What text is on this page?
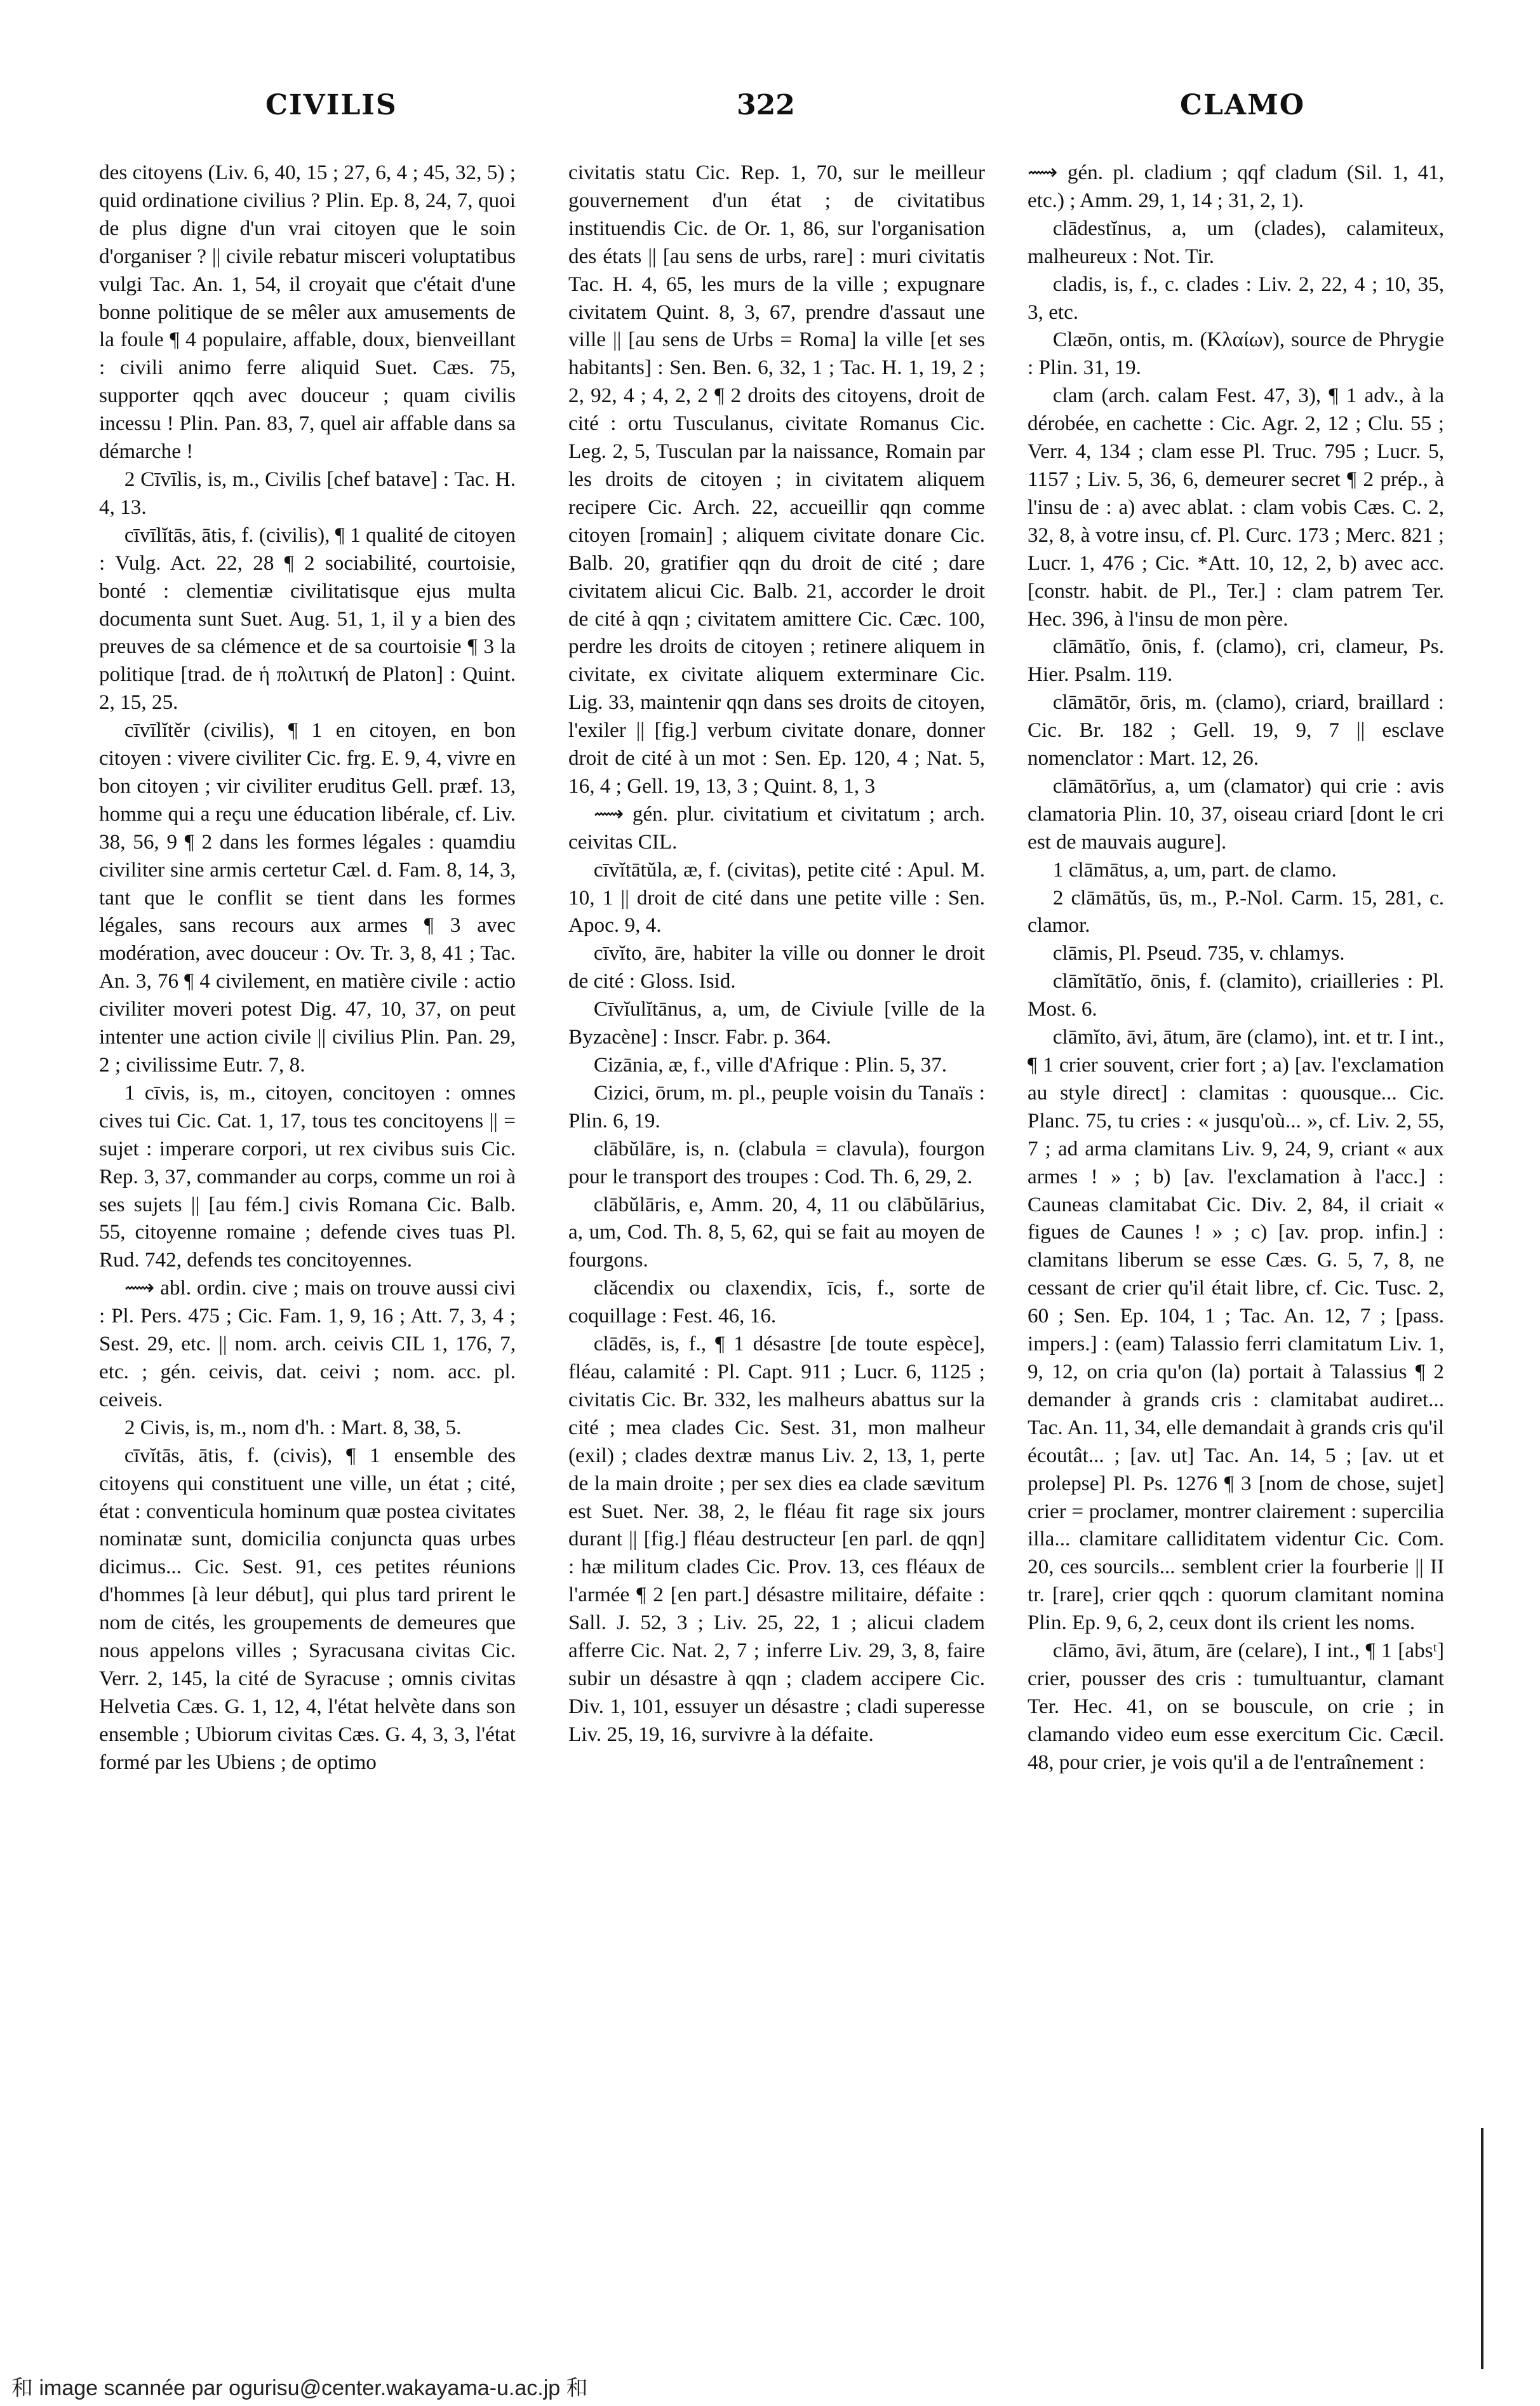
CIVILIS	322	CLAMO

des citoyens (Liv. 6, 40, 15 ; 27, 6, 4 ; 45, 32, 5) ; quid ordinatione civilius ? Plin. Ep. 8, 24, 7, quoi de plus digne d'un vrai citoyen que le soin d'organiser ? || civile rebatur misceri voluptatibus vulgi Tac. An. 1, 54, il croyait que c'était d'une bonne politique de se mêler aux amusements de la foule ¶ 4 populaire, affable, doux, bienveillant : civili animo ferre aliquid Suet. Cæs. 75, supporter qqch avec douceur ; quam civilis incessu ! Plin. Pan. 83, 7, quel air affable dans sa démarche !

2 Cīvīlis, is, m., Civilis [chef batave] : Tac. H. 4, 13.

cīvīlĭtās, ātis, f. (civilis), ¶ 1 qualité de citoyen : Vulg. Act. 22, 28 ¶ 2 sociabilité, courtoisie, bonté : clementiæ civilitatisque ejus multa documenta sunt Suet. Aug. 51, 1, il y a bien des preuves de sa clémence et de sa courtoisie ¶ 3 la politique [trad. de ἡ πολιτική de Platon] : Quint. 2, 15, 25.

cīvīlĭtĕr (civilis), ¶ 1 en citoyen, en bon citoyen : vivere civiliter Cic. frg. E. 9, 4, vivre en bon citoyen ; vir civiliter eruditus Gell. præf. 13, homme qui a reçu une éducation libérale, cf. Liv. 38, 56, 9 ¶ 2 dans les formes légales : quamdiu civiliter sine armis certetur Cæl. d. Fam. 8, 14, 3, tant que le conflit se tient dans les formes légales, sans recours aux armes ¶ 3 avec modération, avec douceur : Ov. Tr. 3, 8, 41 ; Tac. An. 3, 76 ¶ 4 civilement, en matière civile : actio civiliter moveri potest Dig. 47, 10, 37, on peut intenter une action civile || civilius Plin. Pan. 29, 2 ; civilissime Eutr. 7, 8.

1 cīvis, is, m., citoyen, concitoyen : omnes cives tui Cic. Cat. 1, 17, tous tes concitoyens || = sujet : imperare corpori, ut rex civibus suis Cic. Rep. 3, 37, commander au corps, comme un roi à ses sujets || [au fém.] civis Romana Cic. Balb. 55, citoyenne romaine ; defende cives tuas Pl. Rud. 742, defends tes concitoyennes.

⟿ abl. ordin. cive ; mais on trouve aussi civi : Pl. Pers. 475 ; Cic. Fam. 1, 9, 16 ; Att. 7, 3, 4 ; Sest. 29, etc. || nom. arch. ceivis CIL 1, 176, 7, etc. ; gén. ceivis, dat. ceivi ; nom. acc. pl. ceiveis.

2 Civis, is, m., nom d'h. : Mart. 8, 38, 5.

cīvĭtās, ātis, f. (civis), ¶ 1 ensemble des citoyens qui constituent une ville, un état ; cité, état : conventicula hominum quæ postea civitates nominatæ sunt, domicilia conjuncta quas urbes dicimus... Cic. Sest. 91, ces petites réunions d'hommes [à leur début], qui plus tard prirent le nom de cités, les groupements de demeures que nous appelons villes ; Syracusana civitas Cic. Verr. 2, 145, la cité de Syracuse ; omnis civitas Helvetia Cæs. G. 1, 12, 4, l'état helvète dans son ensemble ; Ubiorum civitas Cæs. G. 4, 3, 3, l'état formé par les Ubiens ; de optimo

civitatis statu Cic. Rep. 1, 70, sur le meilleur gouvernement d'un état ; de civitatibus instituendis Cic. de Or. 1, 86, sur l'organisation des états || [au sens de urbs, rare] : muri civitatis Tac. H. 4, 65, les murs de la ville ; expugnare civitatem Quint. 8, 3, 67, prendre d'assaut une ville || [au sens de Urbs = Roma] la ville [et ses habitants] : Sen. Ben. 6, 32, 1 ; Tac. H. 1, 19, 2 ; 2, 92, 4 ; 4, 2, 2 ¶ 2 droits des citoyens, droit de cité : ortu Tusculanus, civitate Romanus Cic. Leg. 2, 5, Tusculan par la naissance, Romain par les droits de citoyen ; in civitatem aliquem recipere Cic. Arch. 22, accueillir qqn comme citoyen [romain] ; aliquem civitate donare Cic. Balb. 20, gratifier qqn du droit de cité ; dare civitatem alicui Cic. Balb. 21, accorder le droit de cité à qqn ; civitatem amittere Cic. Cæc. 100, perdre les droits de citoyen ; retinere aliquem in civitate, ex civitate aliquem exterminare Cic. Lig. 33, maintenir qqn dans ses droits de citoyen, l'exiler || [fig.] verbum civitate donare, donner droit de cité à un mot : Sen. Ep. 120, 4 ; Nat. 5, 16, 4 ; Gell. 19, 13, 3 ; Quint. 8, 1, 3

⟿ gén. plur. civitatium et civitatum ; arch. ceivitas CIL.

cīvĭtātŭla, æ, f. (civitas), petite cité : Apul. M. 10, 1 || droit de cité dans une petite ville : Sen. Apoc. 9, 4.

cīvĭto, āre, habiter la ville ou donner le droit de cité : Gloss. Isid.

Cīvĭulĭtānus, a, um, de Civiule [ville de la Byzacène] : Inscr. Fabr. p. 364.

Cizānia, æ, f., ville d'Afrique : Plin. 5, 37.

Cizici, ōrum, m. pl., peuple voisin du Tanaïs : Plin. 6, 19.

clābŭlāre, is, n. (clabula = clavula), fourgon pour le transport des troupes : Cod. Th. 6, 29, 2.

clābŭlāris, e, Amm. 20, 4, 11 ou clābŭlārius, a, um, Cod. Th. 8, 5, 62, qui se fait au moyen de fourgons.

clăcendix ou claxendix, īcis, f., sorte de coquillage : Fest. 46, 16.

clādēs, is, f., ¶ 1 désastre [de toute espèce], fléau, calamité : Pl. Capt. 911 ; Lucr. 6, 1125 ; civitatis Cic. Br. 332, les malheurs abattus sur la cité ; mea clades Cic. Sest. 31, mon malheur (exil) ; clades dextræ manus Liv. 2, 13, 1, perte de la main droite ; per sex dies ea clade sævitum est Suet. Ner. 38, 2, le fléau fit rage six jours durant || [fig.] fléau destructeur [en parl. de qqn] : hæ militum clades Cic. Prov. 13, ces fléaux de l'armée ¶ 2 [en part.] désastre militaire, défaite : Sall. J. 52, 3 ; Liv. 25, 22, 1 ; alicui cladem afferre Cic. Nat. 2, 7 ; inferre Liv. 29, 3, 8, faire subir un désastre à qqn ; cladem accipere Cic. Div. 1, 101, essuyer un désastre ; cladi superesse Liv. 25, 19, 16, survivre à la défaite.

⟿ gén. pl. cladium ; qqf cladum (Sil. 1, 41, etc.) ; Amm. 29, 1, 14 ; 31, 2, 1).

clādestĭnus, a, um (clades), calamiteux, malheureux : Not. Tir.

cladis, is, f., c. clades : Liv. 2, 22, 4 ; 10, 35, 3, etc.

Clæōn, ontis, m. (Κλαίων), source de Phrygie : Plin. 31, 19.

clam (arch. calam Fest. 47, 3), ¶ 1 adv., à la dérobée, en cachette : Cic. Agr. 2, 12 ; Clu. 55 ; Verr. 4, 134 ; clam esse Pl. Truc. 795 ; Lucr. 5, 1157 ; Liv. 5, 36, 6, demeurer secret ¶ 2 prép., à l'insu de : a) avec ablat. : clam vobis Cæs. C. 2, 32, 8, à votre insu, cf. Pl. Curc. 173 ; Merc. 821 ; Lucr. 1, 476 ; Cic. *Att. 10, 12, 2, b) avec acc. [constr. habit. de Pl., Ter.] : clam patrem Ter. Hec. 396, à l'insu de mon père.

clāmātĭo, ōnis, f. (clamo), cri, clameur, Ps. Hier. Psalm. 119.

clāmātōr, ōris, m. (clamo), criard, braillard : Cic. Br. 182 ; Gell. 19, 9, 7 || esclave nomenclator : Mart. 12, 26.

clāmātōrĭus, a, um (clamator) qui crie : avis clamatoria Plin. 10, 37, oiseau criard [dont le cri est de mauvais augure].

1 clāmātus, a, um, part. de clamo.

2 clāmātŭs, ūs, m., P.-Nol. Carm. 15, 281, c. clamor.

clāmis, Pl. Pseud. 735, v. chlamys.

clāmĭtātĭo, ōnis, f. (clamito), criailleries : Pl. Most. 6.

clāmĭto, āvi, ātum, āre (clamo), int. et tr. I int., ¶ 1 crier souvent, crier fort ; a) [av. l'exclamation au style direct] : clamitas : quousque... Cic. Planc. 75, tu cries : « jusqu'où... », cf. Liv. 2, 55, 7 ; ad arma clamitans Liv. 9, 24, 9, criant « aux armes ! » ; b) [av. l'exclamation à l'acc.] : Cauneas clamitabat Cic. Div. 2, 84, il criait « figues de Caunes ! » ; c) [av. prop. infin.] : clamitans liberum se esse Cæs. G. 5, 7, 8, ne cessant de crier qu'il était libre, cf. Cic. Tusc. 2, 60 ; Sen. Ep. 104, 1 ; Tac. An. 12, 7 ; [pass. impers.] : (eam) Talassio ferri clamitatum Liv. 1, 9, 12, on cria qu'on (la) portait à Talassius ¶ 2 demander à grands cris : clamitabat audiret... Tac. An. 11, 34, elle demandait à grands cris qu'il écoutât... ; [av. ut] Tac. An. 14, 5 ; [av. ut et prolepse] Pl. Ps. 1276 ¶ 3 [nom de chose, sujet] crier = proclamer, montrer clairement : supercilia illa... clamitare calliditatem videntur Cic. Com. 20, ces sourcils... semblent crier la fourberie || II tr. [rare], crier qqch : quorum clamitant nomina Plin. Ep. 9, 6, 2, ceux dont ils crient les noms.

clāmo, āvi, ātum, āre (celare), I int., ¶ 1 [absᵗ] crier, pousser des cris : tumultuantur, clamant Ter. Hec. 41, on se bouscule, on crie ; in clamando video eum esse exercitum Cic. Cæcil. 48, pour crier, je vois qu'il a de l'entraînement :

和 image scannée par ogurisu@center.wakayama-u.ac.jp 和
